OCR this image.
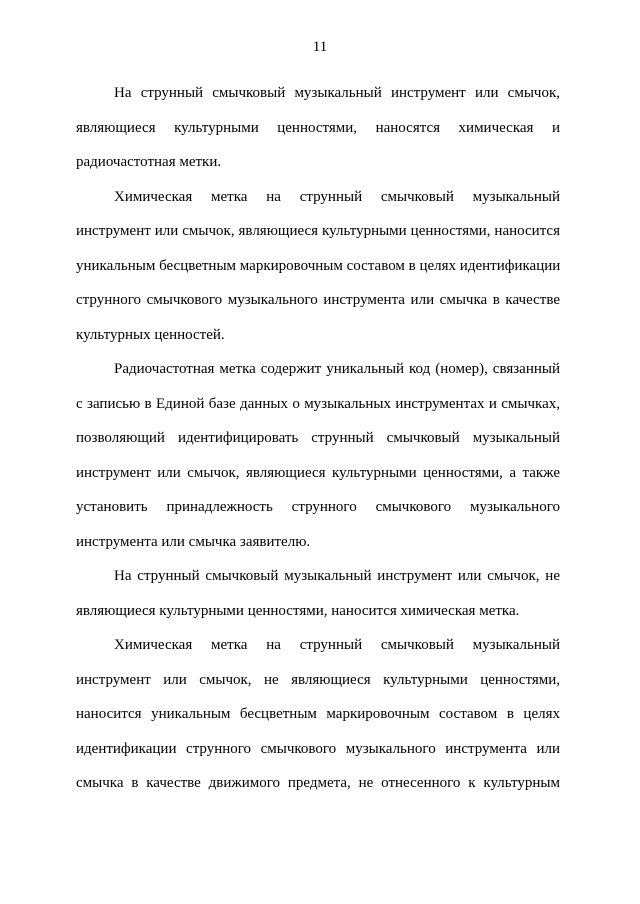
11
На струнный смычковый музыкальный инструмент или смычок,
являющиеся культурными ценностями, наносятся химическая и
радиочастотная метки.
Химическая метка на струнный смычковый музыкальный
инструмент или смычок, являющиеся культурными ценностями, наносится
уникальным бесцветным маркировочным составом в целях идентификации
струнного смычкового музыкального инструмента или смычка в качестве
культурных ценностей.
Радиочастотная метка содержит уникальный код (номер), связанный
с записью в Единой базе данных о музыкальных инструментах и смычках,
позволяющий идентифицировать струнный смычковый музыкальный
инструмент или смычок, являющиеся культурными ценностями, а также
установить принадлежность струнного смычкового музыкального
инструмента или смычка заявителю.
На струнный смычковый музыкальный инструмент или смычок, не
являющиеся культурными ценностями, наносится химическая метка.
Химическая метка на струнный смычковый музыкальный
инструмент или смычок, не являющиеся культурными ценностями,
наносится уникальным бесцветным маркировочным составом в целях
идентификации струнного смычкового музыкального инструмента или
смычка в качестве движимого предмета, не отнесенного к культурным
